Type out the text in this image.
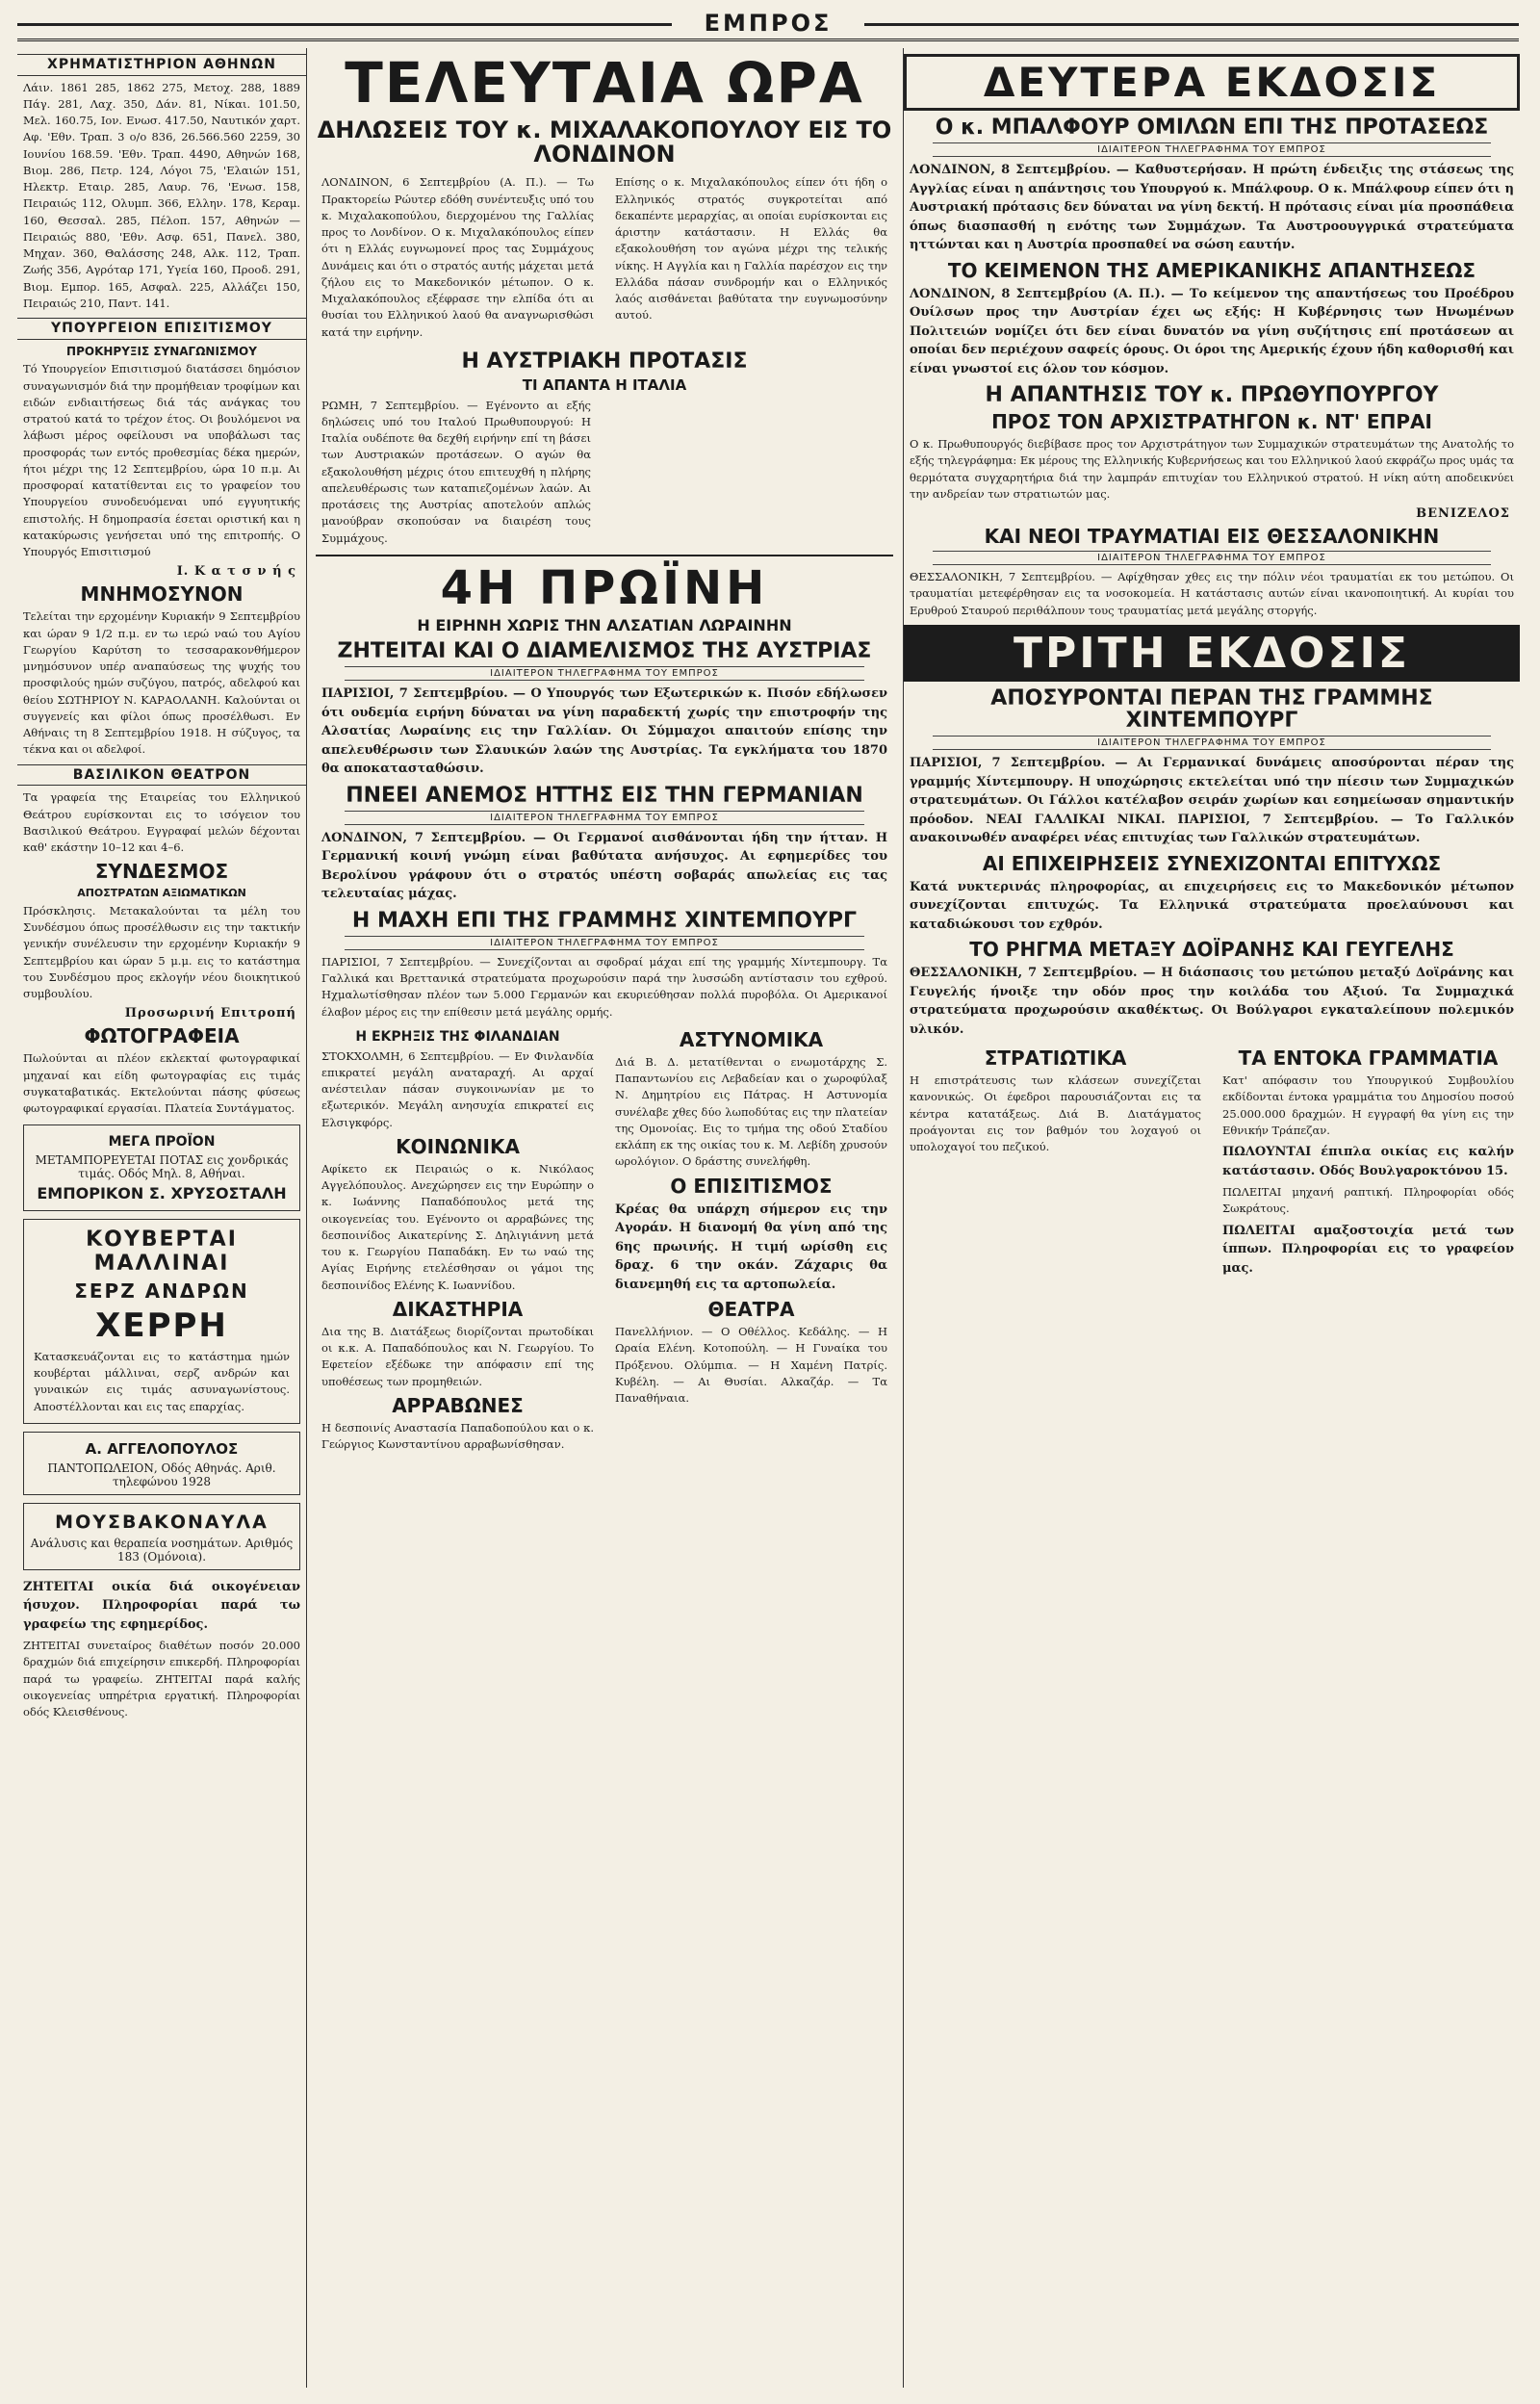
ΕΜΠΡΟΣ
ΧΡΗΜΑΤΙΣΤΗΡΙΟΝ ΑΘΗΝΩΝ
Λάιν. 1861 285, 1862 275, Μετοχ. 288, 1889 Πάγ. 281, Λαχ. 350, Δάν. 81, Νίκαι. 101.50, Μελ. 160.75, Ιον. Ενωσ. 417.50, Ναυτικόν χαρτ. Αφ. 'Εθν. Τραπ. 3 ο/ο 836, 26.566.560 2259, 30 Ιουνίου 168.59. 'Εθν. Τραπ. 4490, Αθηνών 168, Βιομ. 286, Πετρ. 124, Λόγοι 75, 'Ελαιών 151, Ηλεκτρ. Εταιρ. 285, Λαυρ. 76, 'Ενωσ. 158, Πειραιώς 112, Ολυμπ. 366, Ελλην. 178, Κεραμ. 160, Θεσσαλ. 285, Πέλοπ. 157, Αθηνών — Πειραιώς 880, 'Εθν. Ασφ. 651, Πανελ. 380, Μηχαν. 360, Θαλάσσης 248, Αλκ. 112, Τραπ. Ζωής 356, Αγρόταρ 171, Υγεία 160, Προοδ. 291, Βιομ. Εμπορ. 165, Ασφαλ. 225, Αλλάζει 150, Πειραιώς 210, Παντ. 141.
ΥΠΟΥΡΓΕΙΟΝ ΕΠΙΣΙΤΙΣΜΟΥ
ΠΡΟΚΗΡΥΞΙΣ ΣΥΝΑΓΩΝΙΣΜΟΥ
Τό Υπουργείον Επισιτισμού διατάσσει δημόσιον συναγωνισμόν διά την προμήθειαν τροφίμων και ειδών ενδιαιτήσεως διά τάς ανάγκας του στρατού κατά το τρέχον έτος. Οι βουλόμενοι να λάβωσι μέρος οφείλουσι να υποβάλωσι τας προσφοράς των εντός προθεσμίας δέκα ημερών, ήτοι μέχρι της 12 Σεπτεμβρίου, ώρα 10 π.μ. Αι προσφοραί κατατίθενται εις το γραφείον του Υπουργείου συνοδευόμεναι υπό εγγυητικής επιστολής. Η δημοπρασία έσεται οριστική και η κατακύρωσις γενήσεται υπό της επιτροπής. Ο Υπουργός Επισιτισμού
Ι. Κ α τ σ ν ή ς
ΜΝΗΜΟΣΥΝΟΝ
Τελείται την ερχομένην Κυριακήν 9 Σεπτεμβρίου και ώραν 9 1/2 π.μ. εν τω ιερώ ναώ του Αγίου Γεωργίου Καρύτση το τεσσαρακονθήμερον μνημόσυνον υπέρ αναπαύσεως της ψυχής του προσφιλούς ημών συζύγου, πατρός, αδελφού και θείου ΣΩΤΗΡΙΟΥ Ν. ΚΑΡΑΟΛΑΝΗ. Καλούνται οι συγγενείς και φίλοι όπως προσέλθωσι. Εν Αθήναις τη 8 Σεπτεμβρίου 1918. Η σύζυγος, τα τέκνα και οι αδελφοί.
ΒΑΣΙΛΙΚΟΝ ΘΕΑΤΡΟΝ
Τα γραφεία της Εταιρείας του Ελληνικού Θεάτρου ευρίσκονται εις το ισόγειον του Βασιλικού Θεάτρου. Εγγραφαί μελών δέχονται καθ' εκάστην 10–12 και 4–6.
ΣΥΝΔΕΣΜΟΣ
ΑΠΟΣΤΡΑΤΩΝ ΑΞΙΩΜΑΤΙΚΩΝ
Πρόσκλησις. Μετακαλούνται τα μέλη του Συνδέσμου όπως προσέλθωσιν εις την τακτικήν γενικήν συνέλευσιν την ερχομένην Κυριακήν 9 Σεπτεμβρίου και ώραν 5 μ.μ. εις το κατάστημα του Συνδέσμου προς εκλογήν νέου διοικητικού συμβουλίου.
Προσωρινή Επιτροπή
ΦΩΤΟΓΡΑΦΕΙΑ
Πωλούνται αι πλέον εκλεκταί φωτογραφικαί μηχαναί και είδη φωτογραφίας εις τιμάς συγκαταβατικάς. Εκτελούνται πάσης φύσεως φωτογραφικαί εργασίαι. Πλατεία Συντάγματος.
ΜΕΓΑ ΠΡΟΪΟΝ
ΜΕΤΑΜΠΟΡΕΥΕΤΑΙ ΠΟΤΑΣ εις χονδρικάς τιμάς. Οδός Μηλ. 8, Αθήναι.
ΕΜΠΟΡΙΚΟΝ Σ. ΧΡΥΣΟΣΤΑΛΗ
ΚΟΥΒΕΡΤΑΙ ΜΑΛΛΙΝΑΙ
ΣΕΡΖ ΑΝΔΡΩΝ
ΧΕΡΡΗ
Κατασκευάζονται εις το κατάστημα ημών κουβέρται μάλλιναι, σερζ ανδρών και γυναικών εις τιμάς ασυναγωνίστους. Αποστέλλονται και εις τας επαρχίας.
Α. ΑΓΓΕΛΟΠΟΥΛΟΣ
ΠΑΝΤΟΠΩΛΕΙΟΝ, Οδός Αθηνάς. Αριθ. τηλεφώνου 1928
ΜΟΥΣΒΑΚΟΝΑΥΛΑ
Ανάλυσις και θεραπεία νοσημάτων. Αριθμός 183 (Ομόνοια).
ΖΗΤΕΙΤΑΙ οικία διά οικογένειαν ήσυχον. Πληροφορίαι παρά τω γραφείω της εφημερίδος.
ΖΗΤΕΙΤΑΙ συνεταίρος διαθέτων ποσόν 20.000 δραχμών διά επιχείρησιν επικερδή. Πληροφορίαι παρά τω γραφείω. ΖΗΤΕΙΤΑΙ παρά καλής οικογενείας υπηρέτρια εργατική. Πληροφορίαι οδός Κλεισθένους.
ΤΕΛΕΥΤΑΙΑ ΩΡΑ
ΔΗΛΩΣΕΙΣ ΤΟΥ κ. ΜΙΧΑΛΑΚΟΠΟΥΛΟΥ ΕΙΣ ΤΟ ΛΟΝΔΙΝΟΝ
ΛΟΝΔΙΝΟΝ, 6 Σεπτεμβρίου (Α. Π.). — Τω Πρακτορείω Ρώυτερ εδόθη συνέντευξις υπό του κ. Μιχαλακοπούλου, διερχομένου της Γαλλίας προς το Λονδίνον. Ο κ. Μιχαλακόπουλος είπεν ότι η Ελλάς ευγνωμονεί προς τας Συμμάχους Δυνάμεις και ότι ο στρατός αυτής μάχεται μετά ζήλου εις το Μακεδονικόν μέτωπον. Ο κ. Μιχαλακόπουλος εξέφρασε την ελπίδα ότι αι θυσίαι του Ελληνικού λαού θα αναγνωρισθώσι κατά την ειρήνην.
Επίσης ο κ. Μιχαλακόπουλος είπεν ότι ήδη ο Ελληνικός στρατός συγκροτείται από δεκαπέντε μεραρχίας, αι οποίαι ευρίσκονται εις άριστην κατάστασιν. Η Ελλάς θα εξακολουθήση τον αγώνα μέχρι της τελικής νίκης. Η Αγγλία και η Γαλλία παρέσχον εις την Ελλάδα πάσαν συνδρομήν και ο Ελληνικός λαός αισθάνεται βαθύτατα την ευγνωμοσύνην αυτού.
Η ΑΥΣΤΡΙΑΚΗ ΠΡΟΤΑΣΙΣ
ΤΙ ΑΠΑΝΤΑ Η ΙΤΑΛΙΑ
ΡΩΜΗ, 7 Σεπτεμβρίου. — Εγένοντο αι εξής δηλώσεις υπό του Ιταλού Πρωθυπουργού: Η Ιταλία ουδέποτε θα δεχθή ειρήνην επί τη βάσει των Αυστριακών προτάσεων. Ο αγών θα εξακολουθήση μέχρις ότου επιτευχθή η πλήρης απελευθέρωσις των καταπιεζομένων λαών. Αι προτάσεις της Αυστρίας αποτελούν απλώς μανούβραν σκοπούσαν να διαιρέση τους Συμμάχους.
4Η ΠΡΩΪΝΗ
Η ΕΙΡΗΝΗ ΧΩΡΙΣ ΤΗΝ ΑΛΣΑΤΙΑΝ ΛΩΡΑΙΝΗΝ
ΖΗΤΕΙΤΑΙ ΚΑΙ Ο ΔΙΑΜΕΛΙΣΜΟΣ ΤΗΣ ΑΥΣΤΡΙΑΣ
ΙΔΙΑΙΤΕΡΟΝ ΤΗΛΕΓΡΑΦΗΜΑ ΤΟΥ ΕΜΠΡΟΣ
ΠΑΡΙΣΙΟΙ, 7 Σεπτεμβρίου. — Ο Υπουργός των Εξωτερικών κ. Πισόν εδήλωσεν ότι ουδεμία ειρήνη δύναται να γίνη παραδεκτή χωρίς την επιστροφήν της Αλσατίας Λωραίνης εις την Γαλλίαν. Οι Σύμμαχοι απαιτούν επίσης την απελευθέρωσιν των Σλαυικών λαών της Αυστρίας. Τα εγκλήματα του 1870 θα αποκατασταθώσιν.
ΠΝΕΕΙ ΑΝΕΜΟΣ ΗΤΤΗΣ ΕΙΣ ΤΗΝ ΓΕΡΜΑΝΙΑΝ
ΙΔΙΑΙΤΕΡΟΝ ΤΗΛΕΓΡΑΦΗΜΑ ΤΟΥ ΕΜΠΡΟΣ
ΛΟΝΔΙΝΟΝ, 7 Σεπτεμβρίου. — Οι Γερμανοί αισθάνονται ήδη την ήτταν. Η Γερμανική κοινή γνώμη είναι βαθύτατα ανήσυχος. Αι εφημερίδες του Βερολίνου γράφουν ότι ο στρατός υπέστη σοβαράς απωλείας εις τας τελευταίας μάχας.
Η ΜΑΧΗ ΕΠΙ ΤΗΣ ΓΡΑΜΜΗΣ ΧΙΝΤΕΜΠΟΥΡΓ
ΙΔΙΑΙΤΕΡΟΝ ΤΗΛΕΓΡΑΦΗΜΑ ΤΟΥ ΕΜΠΡΟΣ
ΠΑΡΙΣΙΟΙ, 7 Σεπτεμβρίου. — Συνεχίζονται αι σφοδραί μάχαι επί της γραμμής Χίντεμπουργ. Τα Γαλλικά και Βρεττανικά στρατεύματα προχωρούσιν παρά την λυσσώδη αντίστασιν του εχθρού. Ηχμαλωτίσθησαν πλέον των 5.000 Γερμανών και εκυριεύθησαν πολλά πυροβόλα. Οι Αμερικανοί έλαβον μέρος εις την επίθεσιν μετά μεγάλης ορμής.
Η ΕΚΡΗΞΙΣ ΤΗΣ ΦΙΛΑΝΔΙΑΝ
ΣΤΟΚΧΟΛΜΗ, 6 Σεπτεμβρίου. — Εν Φινλανδία επικρατεί μεγάλη αναταραχή. Αι αρχαί ανέστειλαν πάσαν συγκοινωνίαν με το εξωτερικόν. Μεγάλη ανησυχία επικρατεί εις Ελσιγκφόρς.
ΚΟΙΝΩΝΙΚΑ
Αφίκετο εκ Πειραιώς ο κ. Νικόλαος Αγγελόπουλος. Ανεχώρησεν εις την Ευρώπην ο κ. Ιωάννης Παπαδόπουλος μετά της οικογενείας του. Εγένοντο οι αρραβώνες της δεσποινίδος Αικατερίνης Σ. Δηλιγιάννη μετά του κ. Γεωργίου Παπαδάκη. Εν τω ναώ της Αγίας Ειρήνης ετελέσθησαν οι γάμοι της δεσποινίδος Ελένης Κ. Ιωαννίδου.
ΔΙΚΑΣΤΗΡΙΑ
Δια της Β. Διατάξεως διορίζονται πρωτοδίκαι οι κ.κ. Α. Παπαδόπουλος και Ν. Γεωργίου. Το Εφετείον εξέδωκε την απόφασιν επί της υποθέσεως των προμηθειών.
ΑΡΡΑΒΩΝΕΣ
Η δεσποινίς Αναστασία Παπαδοπούλου και ο κ. Γεώργιος Κωνσταντίνου αρραβωνίσθησαν.
ΑΣΤΥΝΟΜΙΚΑ
Διά Β. Δ. μετατίθενται ο ενωμοτάρχης Σ. Παπαντωνίου εις Λεβαδείαν και ο χωροφύλαξ Ν. Δημητρίου εις Πάτρας. Η Αστυνομία συνέλαβε χθες δύο λωποδύτας εις την πλατείαν της Ομονοίας. Εις το τμήμα της οδού Σταδίου εκλάπη εκ της οικίας του κ. Μ. Λεβίδη χρυσούν ωρολόγιον. Ο δράστης συνελήφθη.
Ο ΕΠΙΣΙΤΙΣΜΟΣ
Κρέας θα υπάρχη σήμερον εις την Αγοράν. Η διανομή θα γίνη από της 6ης πρωινής. Η τιμή ωρίσθη εις δραχ. 6 την οκάν. Ζάχαρις θα διανεμηθή εις τα αρτοπωλεία.
ΘΕΑΤΡΑ
Πανελλήνιον. — Ο Οθέλλος. Κεδάλης. — Η Ωραία Ελένη. Κοτοπούλη. — Η Γυναίκα του Πρόξενου. Ολύμπια. — Η Χαμένη Πατρίς. Κυβέλη. — Αι Θυσίαι. Αλκαζάρ. — Τα Παναθήναια.
ΔΕΥΤΕΡΑ ΕΚΔΟΣΙΣ
Ο κ. ΜΠΑΛΦΟΥΡ ΟΜΙΛΩΝ ΕΠΙ ΤΗΣ ΠΡΟΤΑΣΕΩΣ
ΙΔΙΑΙΤΕΡΟΝ ΤΗΛΕΓΡΑΦΗΜΑ ΤΟΥ ΕΜΠΡΟΣ
ΛΟΝΔΙΝΟΝ, 8 Σεπτεμβρίου. — Καθυστερήσαν. Η πρώτη ένδειξις της στάσεως της Αγγλίας είναι η απάντησις του Υπουργού κ. Μπάλφουρ. Ο κ. Μπάλφουρ είπεν ότι η Αυστριακή πρότασις δεν δύναται να γίνη δεκτή. Η πρότασις είναι μία προσπάθεια όπως διασπασθή η ενότης των Συμμάχων. Τα Αυστροουγγρικά στρατεύματα ηττώνται και η Αυστρία προσπαθεί να σώση εαυτήν.
ΤΟ ΚΕΙΜΕΝΟΝ ΤΗΣ ΑΜΕΡΙΚΑΝΙΚΗΣ ΑΠΑΝΤΗΣΕΩΣ
ΛΟΝΔΙΝΟΝ, 8 Σεπτεμβρίου (Α. Π.). — Το κείμενον της απαντήσεως του Προέδρου Ουίλσων προς την Αυστρίαν έχει ως εξής: Η Κυβέρνησις των Ηνωμένων Πολιτειών νομίζει ότι δεν είναι δυνατόν να γίνη συζήτησις επί προτάσεων αι οποίαι δεν περιέχουν σαφείς όρους. Οι όροι της Αμερικής έχουν ήδη καθορισθή και είναι γνωστοί εις όλον τον κόσμον.
Η ΑΠΑΝΤΗΣΙΣ ΤΟΥ κ. ΠΡΩΘΥΠΟΥΡΓΟΥ
ΠΡΟΣ ΤΟΝ ΑΡΧΙΣΤΡΑΤΗΓΟΝ κ. ΝΤ' ΕΠΡΑΙ
Ο κ. Πρωθυπουργός διεβίβασε προς τον Αρχιστράτηγον των Συμμαχικών στρατευμάτων της Ανατολής το εξής τηλεγράφημα: Εκ μέρους της Ελληνικής Κυβερνήσεως και του Ελληνικού λαού εκφράζω προς υμάς τα θερμότατα συγχαρητήρια διά την λαμπράν επιτυχίαν του Ελληνικού στρατού. Η νίκη αύτη αποδεικνύει την ανδρείαν των στρατιωτών μας.
ΒΕΝΙΖΕΛΟΣ
ΚΑΙ ΝΕΟΙ ΤΡΑΥΜΑΤΙΑΙ ΕΙΣ ΘΕΣΣΑΛΟΝΙΚΗΝ
ΙΔΙΑΙΤΕΡΟΝ ΤΗΛΕΓΡΑΦΗΜΑ ΤΟΥ ΕΜΠΡΟΣ
ΘΕΣΣΑΛΟΝΙΚΗ, 7 Σεπτεμβρίου. — Αφίχθησαν χθες εις την πόλιν νέοι τραυματίαι εκ του μετώπου. Οι τραυματίαι μετεφέρθησαν εις τα νοσοκομεία. Η κατάστασις αυτών είναι ικανοποιητική. Αι κυρίαι του Ερυθρού Σταυρού περιθάλπουν τους τραυματίας μετά μεγάλης στοργής.
ΤΡΙΤΗ ΕΚΔΟΣΙΣ
ΑΠΟΣΥΡΟΝΤΑΙ ΠΕΡΑΝ ΤΗΣ ΓΡΑΜΜΗΣ ΧΙΝΤΕΜΠΟΥΡΓ
ΙΔΙΑΙΤΕΡΟΝ ΤΗΛΕΓΡΑΦΗΜΑ ΤΟΥ ΕΜΠΡΟΣ
ΠΑΡΙΣΙΟΙ, 7 Σεπτεμβρίου. — Αι Γερμανικαί δυνάμεις αποσύρονται πέραν της γραμμής Χίντεμπουργ. Η υποχώρησις εκτελείται υπό την πίεσιν των Συμμαχικών στρατευμάτων. Οι Γάλλοι κατέλαβον σειράν χωρίων και εσημείωσαν σημαντικήν πρόοδον. ΝΕΑΙ ΓΑΛΛΙΚΑΙ ΝΙΚΑΙ. ΠΑΡΙΣΙΟΙ, 7 Σεπτεμβρίου. — Το Γαλλικόν ανακοινωθέν αναφέρει νέας επιτυχίας των Γαλλικών στρατευμάτων.
ΑΙ ΕΠΙΧΕΙΡΗΣΕΙΣ ΣΥΝΕΧΙΖΟΝΤΑΙ ΕΠΙΤΥΧΩΣ
Κατά νυκτερινάς πληροφορίας, αι επιχειρήσεις εις το Μακεδονικόν μέτωπον συνεχίζονται επιτυχώς. Τα Ελληνικά στρατεύματα προελαύνουσι και καταδιώκουσι τον εχθρόν.
ΤΟ ΡΗΓΜΑ ΜΕΤΑΞΥ ΔΟΪΡΑΝΗΣ ΚΑΙ ΓΕΥΓΕΛΗΣ
ΘΕΣΣΑΛΟΝΙΚΗ, 7 Σεπτεμβρίου. — Η διάσπασις του μετώπου μεταξύ Δοϊράνης και Γευγελής ήνοιξε την οδόν προς την κοιλάδα του Αξιού. Τα Συμμαχικά στρατεύματα προχωρούσιν ακαθέκτως. Οι Βούλγαροι εγκαταλείπουν πολεμικόν υλικόν.
ΣΤΡΑΤΙΩΤΙΚΑ
Η επιστράτευσις των κλάσεων συνεχίζεται κανονικώς. Οι έφεδροι παρουσιάζονται εις τα κέντρα κατατάξεως. Διά Β. Διατάγματος προάγονται εις τον βαθμόν του λοχαγού οι υπολοχαγοί του πεζικού.
ΤΑ ΕΝΤΟΚΑ ΓΡΑΜΜΑΤΙΑ
Κατ' απόφασιν του Υπουργικού Συμβουλίου εκδίδονται έντοκα γραμμάτια του Δημοσίου ποσού 25.000.000 δραχμών. Η εγγραφή θα γίνη εις την Εθνικήν Τράπεζαν.
ΠΩΛΟΥΝΤΑΙ έπιπλα οικίας εις καλήν κατάστασιν. Οδός Βουλγαροκτόνου 15.
ΠΩΛΕΙΤΑΙ μηχανή ραπτική. Πληροφορίαι οδός Σωκράτους.
ΠΩΛΕΙΤΑΙ αμαξοστοιχία μετά των ίππων. Πληροφορίαι εις το γραφείον μας.
